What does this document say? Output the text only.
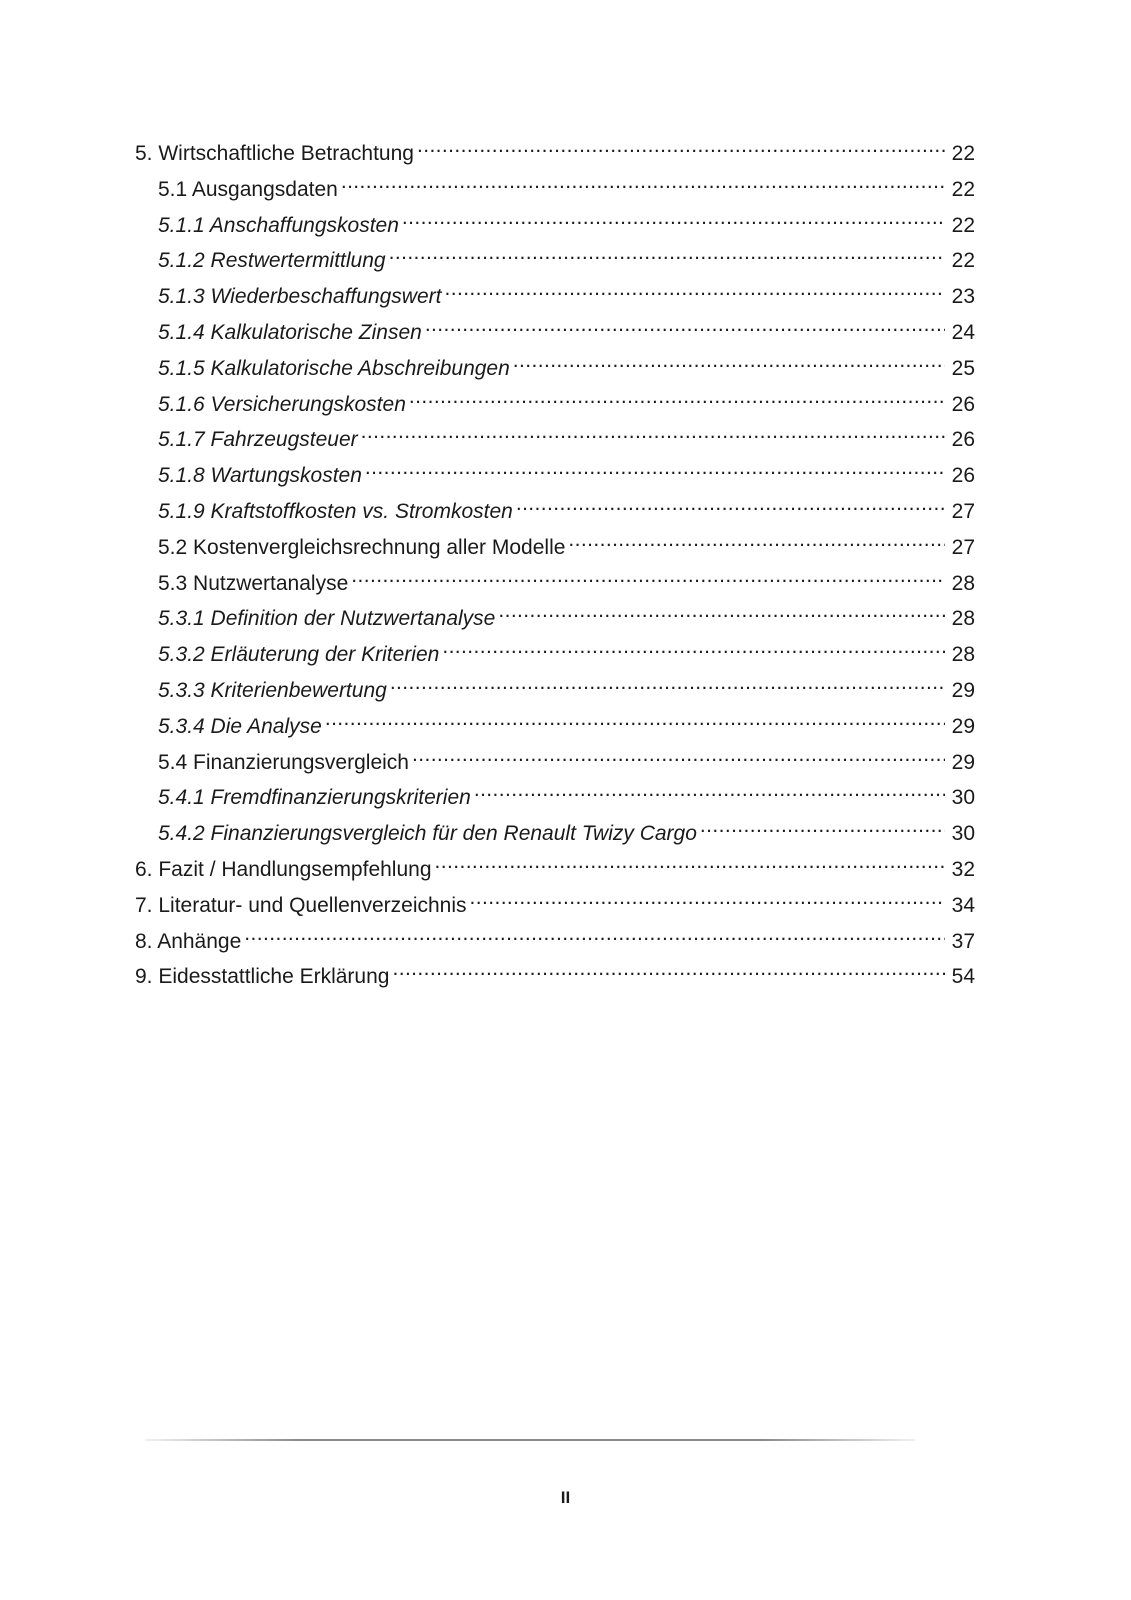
5. Wirtschaftliche Betrachtung .....	22
5.1 Ausgangsdaten .....	22
5.1.1 Anschaffungskosten .....	22
5.1.2 Restwertermittlung .....	22
5.1.3 Wiederbeschaffungswert .....	23
5.1.4 Kalkulatorische Zinsen .....	24
5.1.5 Kalkulatorische Abschreibungen .....	25
5.1.6 Versicherungskosten .....	26
5.1.7 Fahrzeugsteuer .....	26
5.1.8 Wartungskosten .....	26
5.1.9 Kraftstoffkosten vs. Stromkosten .....	27
5.2 Kostenvergleichsrechnung aller Modelle .....	27
5.3 Nutzwertanalyse .....	28
5.3.1 Definition der Nutzwertanalyse .....	28
5.3.2 Erläuterung der Kriterien .....	28
5.3.3 Kriterienbewertung .....	29
5.3.4 Die Analyse .....	29
5.4 Finanzierungsvergleich .....	29
5.4.1 Fremdfinanzierungskriterien .....	30
5.4.2 Finanzierungsvergleich für den Renault Twizy Cargo .....	30
6. Fazit / Handlungsempfehlung .....	32
7. Literatur- und Quellenverzeichnis .....	34
8. Anhänge .....	37
9. Eidesstattliche Erklärung .....	54
II
